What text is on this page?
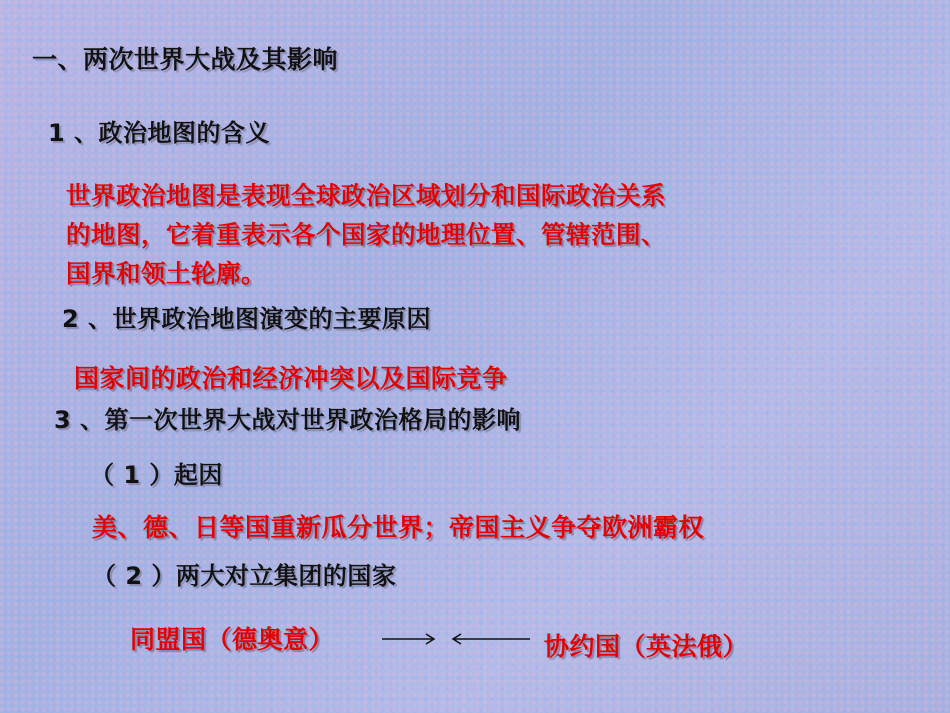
一、两次世界大战及其影响
1 、政治地图的含义
世界政治地图是表现全球政治区域划分和国际政治关系
的地图，它着重表示各个国家的地理位置、管辖范围、
国界和领土轮廓。
2 、世界政治地图演变的主要原因
国家间的政治和经济冲突以及国际竞争
3 、第一次世界大战对世界政治格局的影响
（ 1 ）起因
美、德、日等国重新瓜分世界；帝国主义争夺欧洲霸权
（ 2 ）两大对立集团的国家
同盟国（德奥意）	协约国（英法俄）
